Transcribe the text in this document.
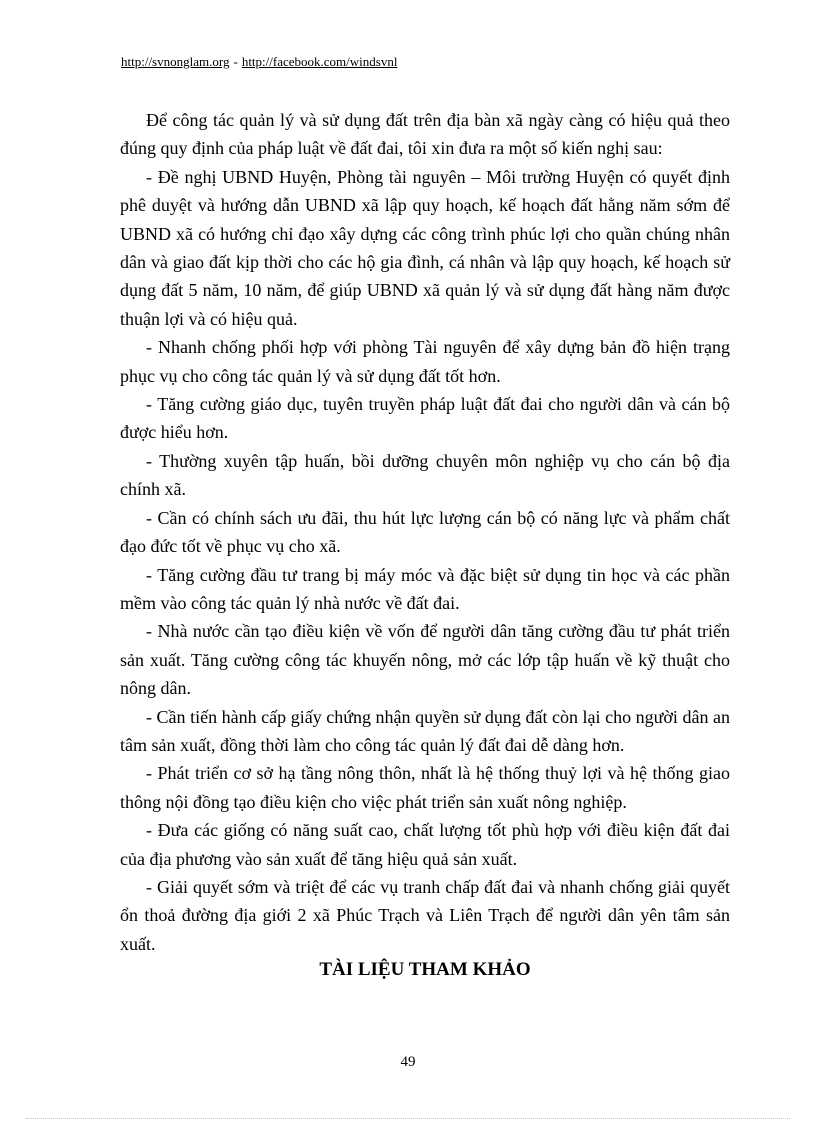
http://svnonglam.org - http://facebook.com/windsvnl

Để công tác quản lý và sử dụng đất trên địa bàn xã ngày càng có hiệu quả theo đúng quy định của pháp luật về đất đai, tôi xin đưa ra một số kiến nghị sau:

- Đề nghị UBND Huyện, Phòng tài nguyên – Môi trường Huyện có quyết định phê duyệt và hướng dẫn UBND xã lập quy hoạch, kế hoạch đất hằng năm sớm để UBND xã có hướng chỉ đạo xây dựng các công trình phúc lợi cho quần chúng nhân dân và giao đất kịp thời cho các hộ gia đình, cá nhân và lập quy hoạch, kế hoạch sử dụng đất 5 năm, 10 năm, để giúp UBND xã quản lý và sử dụng đất hàng năm được thuận lợi và có hiệu quả.

- Nhanh chống phối hợp với phòng Tài nguyên để xây dựng bản đồ hiện trạng phục vụ cho công tác quản lý và sử dụng đất tốt hơn.

- Tăng cường giáo dục, tuyên truyền pháp luật đất đai cho người dân và cán bộ được hiểu hơn.

- Thường xuyên tập huấn, bồi dưỡng chuyên môn nghiệp vụ cho cán bộ địa chính xã.

- Cần có chính sách ưu đãi, thu hút lực lượng cán bộ có năng lực và phẩm chất đạo đức tốt về phục vụ cho xã.

- Tăng cường đầu tư trang bị máy móc và đặc biệt sử dụng tin học và các phần mềm vào công tác quản lý nhà nước về đất đai.

- Nhà nước cần tạo điều kiện về vốn để người dân tăng cường đầu tư phát triển sản xuất. Tăng cường công tác khuyến nông, mở các lớp tập huấn về kỹ thuật cho nông dân.

- Cần tiến hành cấp giấy chứng nhận quyền sử dụng đất còn lại cho người dân an tâm sản xuất, đồng thời làm cho công tác quản lý đất đai dễ dàng hơn.

- Phát triển cơ sở hạ tầng nông thôn, nhất là hệ thống thuỷ lợi và hệ thống giao thông nội đồng tạo điều kiện cho việc phát triển sản xuất nông nghiệp.

- Đưa các giống có năng suất cao, chất lượng tốt phù hợp với điều kiện đất đai của địa phương vào sản xuất để tăng hiệu quả sản xuất.

- Giải quyết sớm và triệt để các vụ tranh chấp đất đai và nhanh chống giải quyết ổn thoả đường địa giới 2 xã Phúc Trạch và Liên Trạch để người dân yên tâm sản xuất.

TÀI LIỆU THAM KHẢO
49
